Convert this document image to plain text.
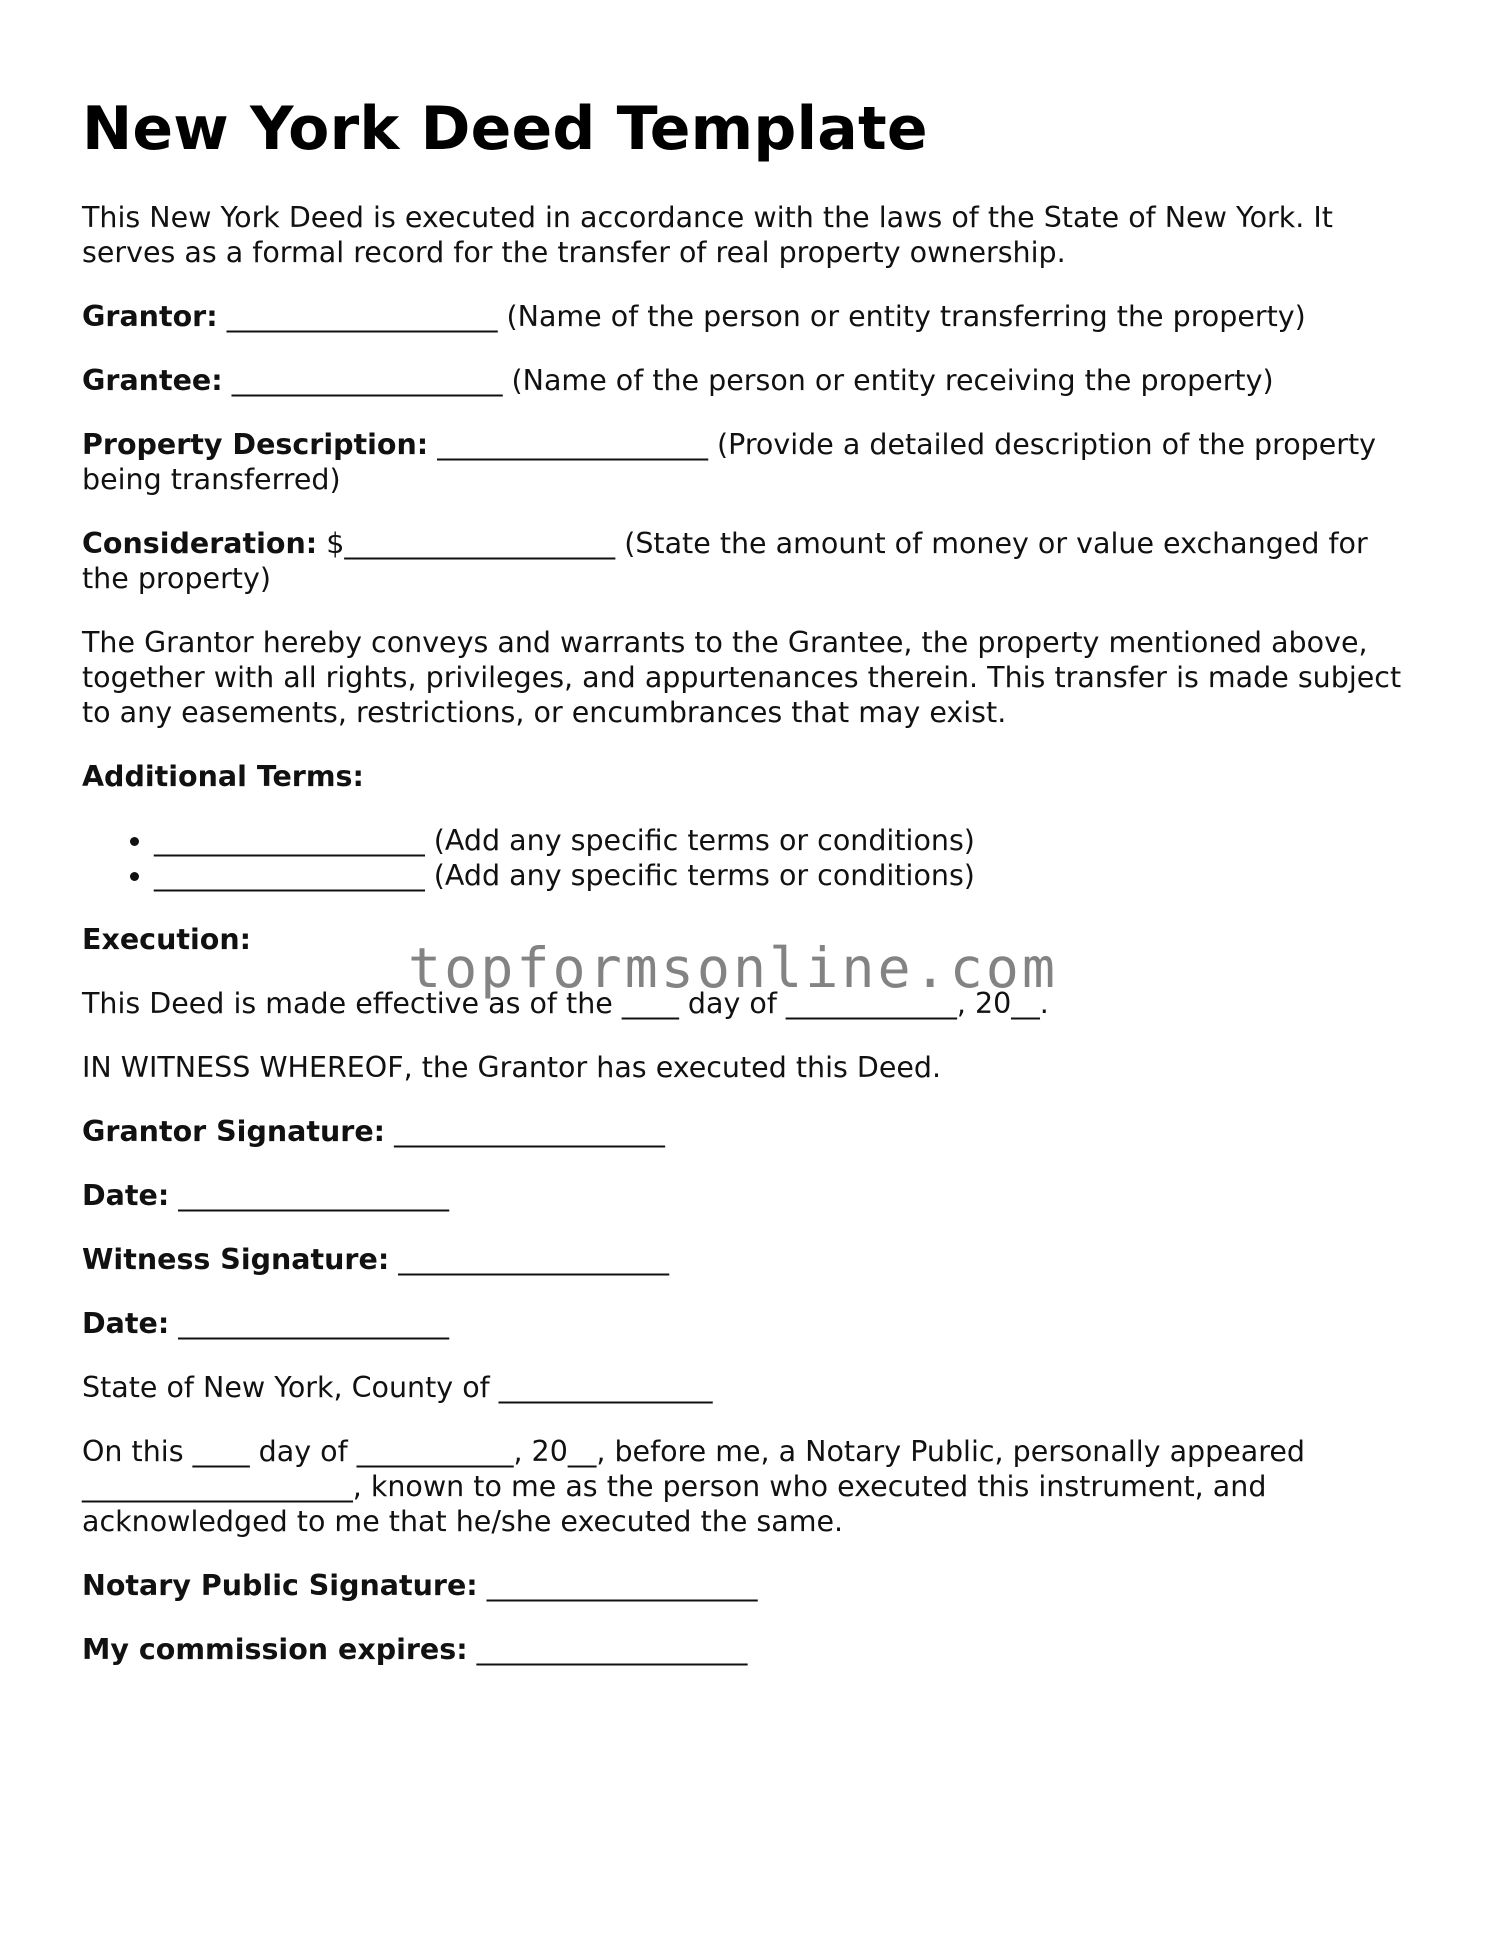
New York Deed Template

This New York Deed is executed in accordance with the laws of the State of New York. It serves as a formal record for the transfer of real property ownership.

Grantor: ___________________ (Name of the person or entity transferring the property)

Grantee: ___________________ (Name of the person or entity receiving the property)

Property Description: ___________________ (Provide a detailed description of the property being transferred)

Consideration: $___________________ (State the amount of money or value exchanged for the property)

The Grantor hereby conveys and warrants to the Grantee, the property mentioned above, together with all rights, privileges, and appurtenances therein. This transfer is made subject to any easements, restrictions, or encumbrances that may exist.

Additional Terms:

• ___________________ (Add any specific terms or conditions)
• ___________________ (Add any specific terms or conditions)

Execution:

This Deed is made effective as of the ____ day of ____________, 20__.

IN WITNESS WHEREOF, the Grantor has executed this Deed.

Grantor Signature: ___________________

Date: ___________________

Witness Signature: ___________________

Date: ___________________

State of New York, County of _______________

On this ____ day of ___________, 20__, before me, a Notary Public, personally appeared ___________________, known to me as the person who executed this instrument, and acknowledged to me that he/she executed the same.

Notary Public Signature: ___________________

My commission expires: ___________________

topformsonline.com
